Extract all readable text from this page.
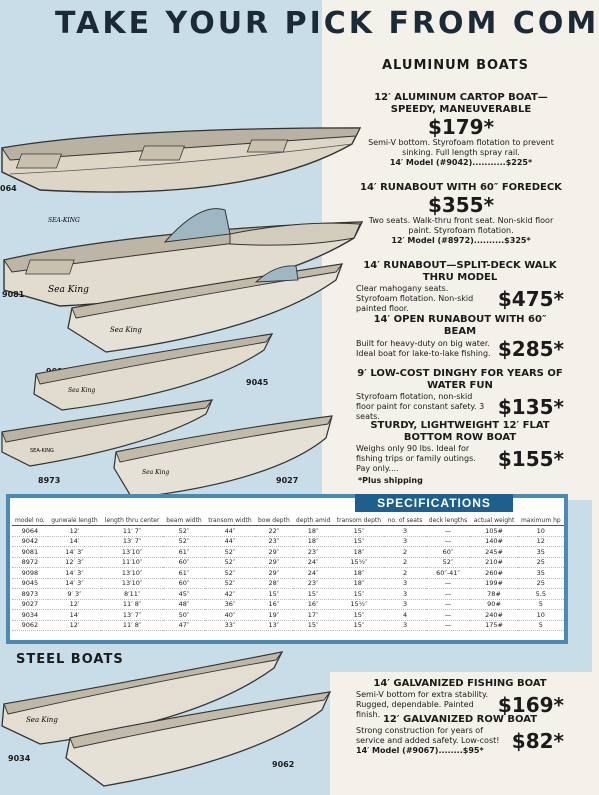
TAKE YOUR PICK FROM COM
SEA-KING
064
Sea King
9081
Sea King
Sea King
9045
SEA-KING
8973
Sea King
9027
ALUMINUM BOATS
12′ ALUMINUM CARTOP BOAT—SPEEDY, MANEUVERABLE
$179*
Semi-V bottom. Styrofoam flotation to prevent sinking. Full length spray rail.
14′ Model (#9042)...........$225*
14′ RUNABOUT WITH 60″ FOREDECK
$355*
Two seats. Walk-thru front seat. Non-skid floor paint. Styrofoam flotation.
12′ Model (#8972)..........$325*
14′ RUNABOUT—SPLIT-DECK WALK THRU MODEL
Clear mahogany seats. Styrofoam flotation. Non-skid painted floor.	$475*
14′ OPEN RUNABOUT WITH 60″ BEAM
Built for heavy-duty on big water. Ideal boat for lake-to-lake fishing. $285*
9′ LOW-COST DINGHY FOR YEARS OF WATER FUN
Styrofoam flotation, non-skid floor paint for constant safety. 3 seats.	$135*
STURDY, LIGHTWEIGHT 12′ FLAT BOTTOM ROW BOAT
Weighs only 90 lbs. Ideal for fishing trips or family outings. Pay only....	$155*
*Plus shipping
SPECIFICATIONS
model no.	gunwale length	length thru center	beam width	transom width	bow depth	depth amid	transom depth	no. of seats	deck lengths	actual weight	maximum hp
9064	12′	11′ 7″	52″	44″	22″	18″	15″	3	—	105#	10
9042	14′	13′ 7″	52″	44″	23″	18″	15″	3	—	140#	12
9081	14′ 3″	13′10″	61″	52″	29″	23″	18″	2	60″	245#	35
8972	12′ 3″	11′10″	60″	52″	29″	24″	15½″	2	52″	210#	25
9098	14′ 3″	13′10″	61″	52″	29″	24″	18″	2	60″-41″	260#	35
9045	14′ 3″	13′10″	60″	52″	28″	23″	18″	3	—	199#	25
8973	9′ 3″	8′11″	45″	42″	15″	15″	15″	3	—	78#	5.5
9027	12′	11′ 8″	48″	36″	16″	16″	15½″	3	—	90#	5
9034	14′	13′ 7″	50″	40″	19″	17″	15″	4	—	240#	10
9062	12′	11′ 8″	47″	33″	13″	15″	15″	3	—	175#	5
STEEL BOATS
Sea King
9034
9062
14′ GALVANIZED FISHING BOAT
Semi-V bottom for extra stability. Rugged, dependable. Painted finish.	$169*
12′ GALVANIZED ROW BOAT
Strong construction for years of service and added safety. Low-cost!
14′ Model (#9067)........$95*	$82*
